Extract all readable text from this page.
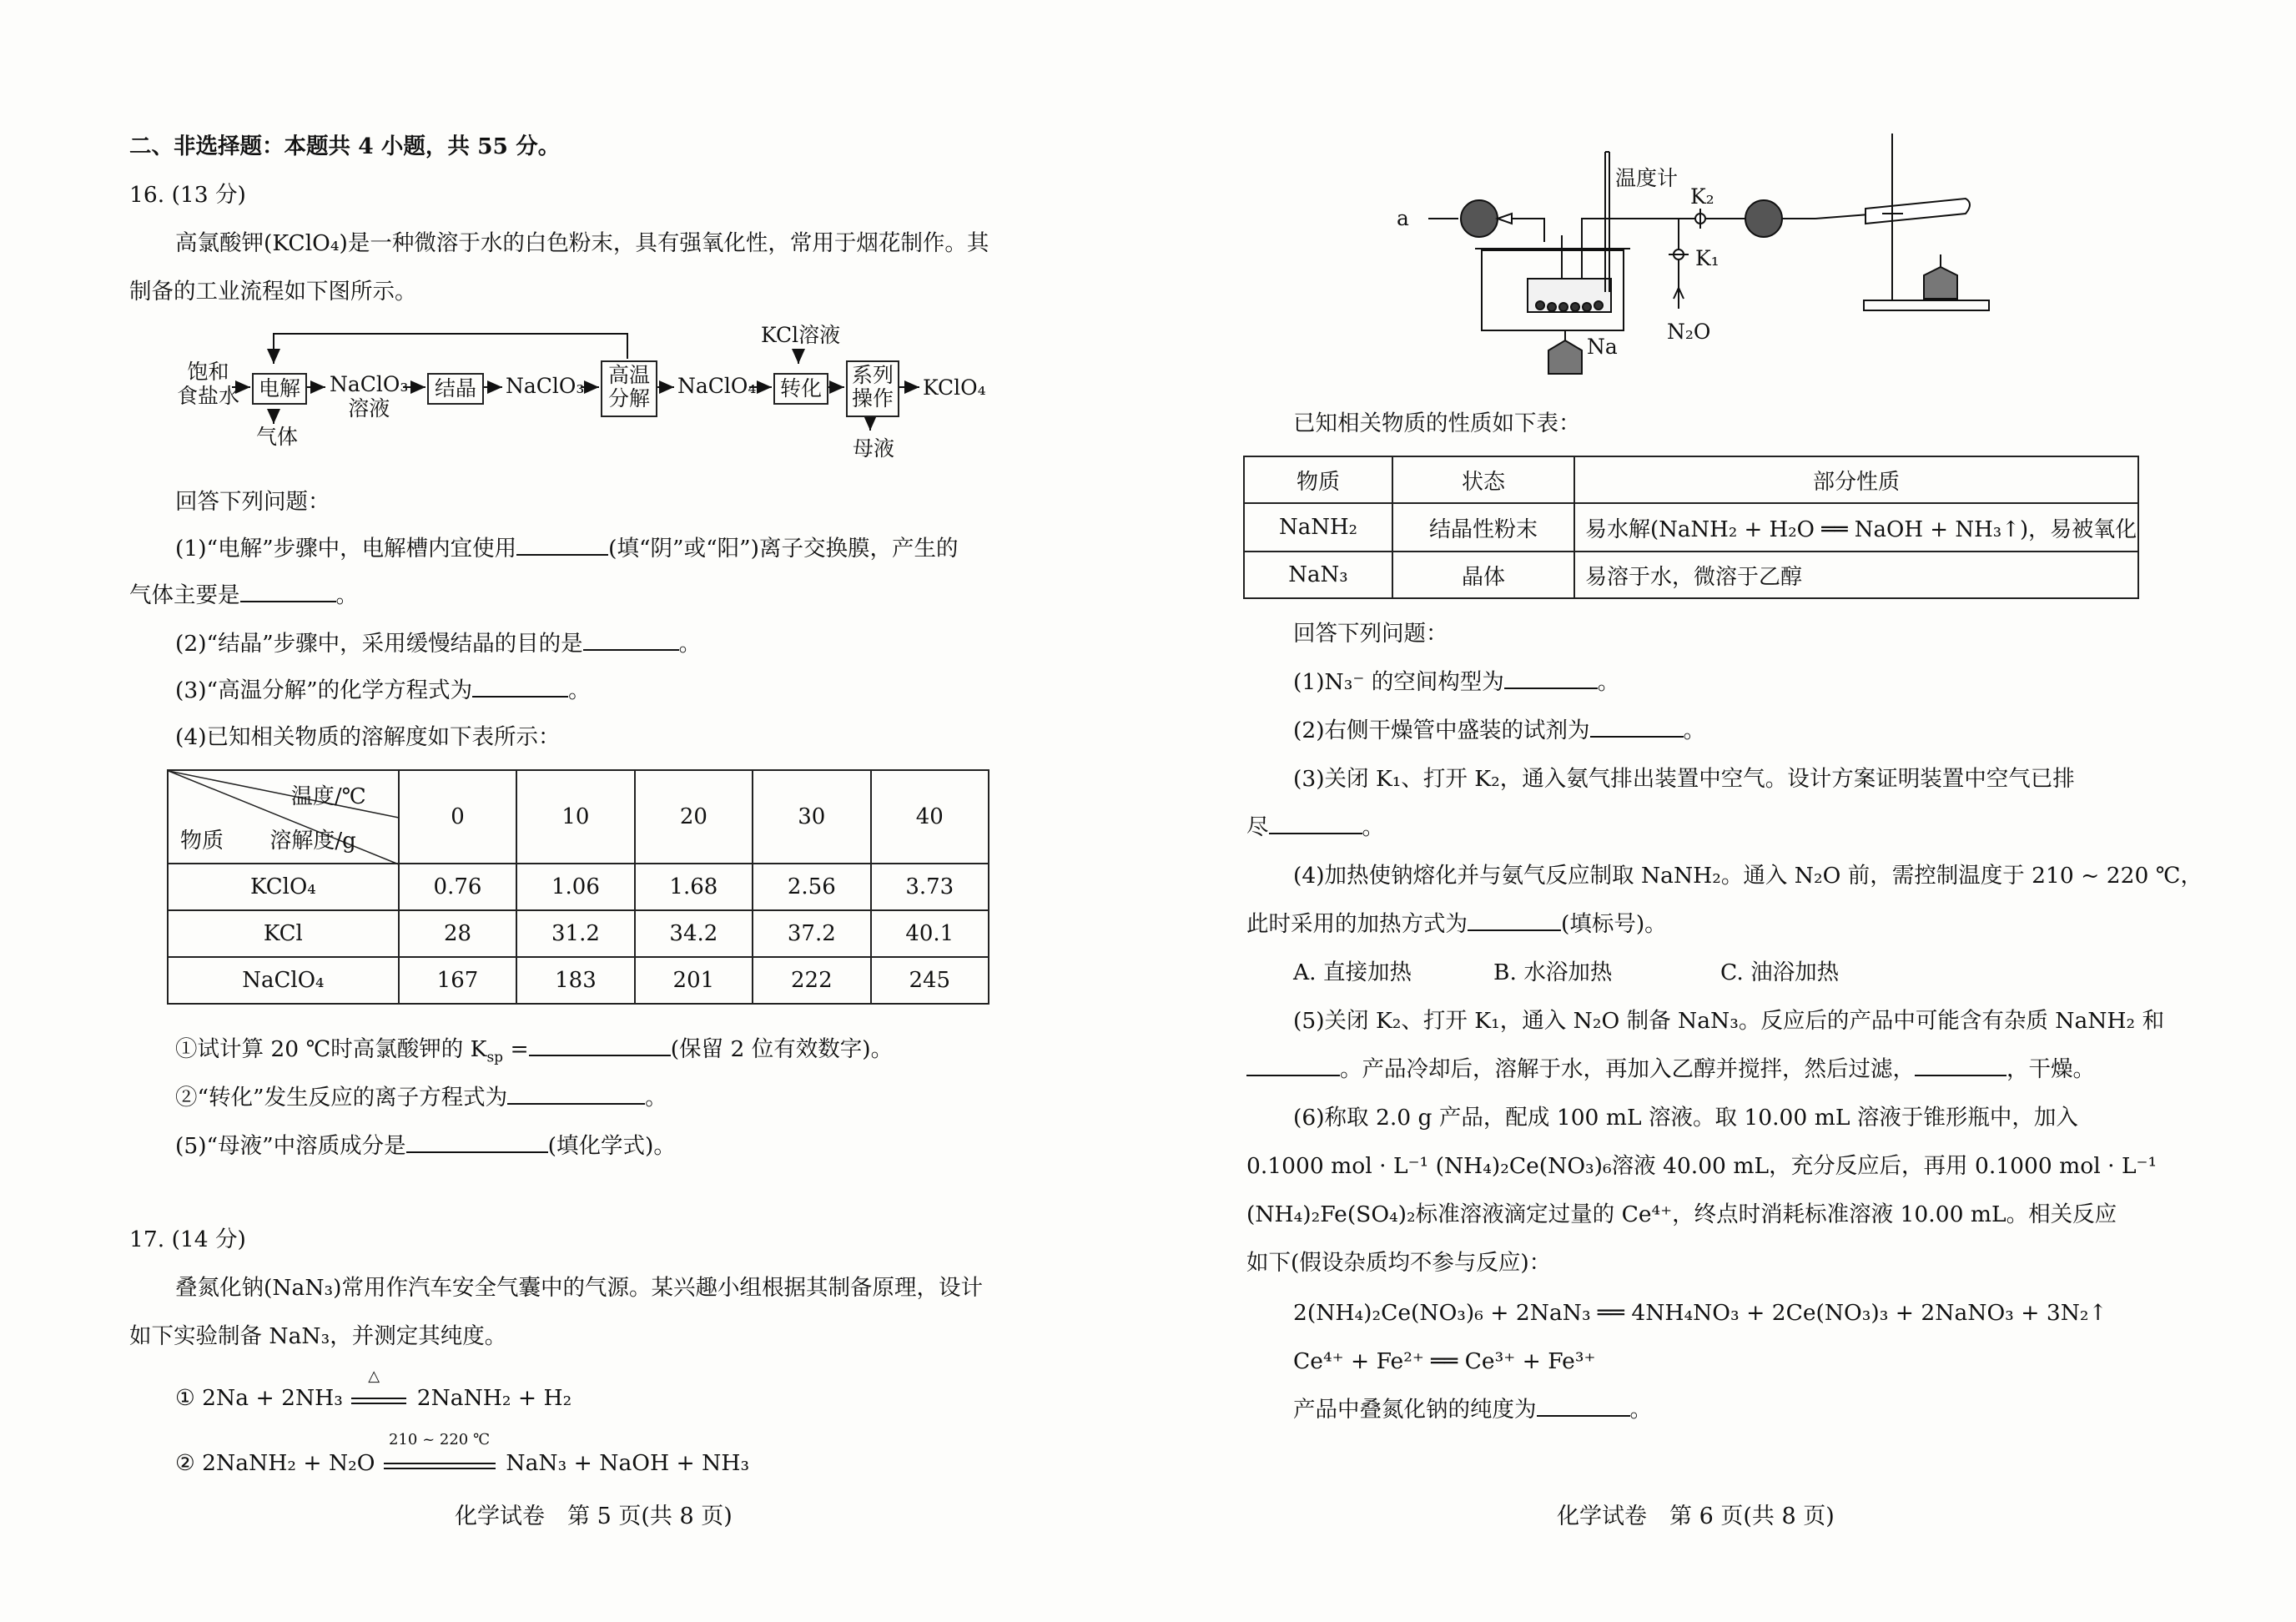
二、非选择题：本题共 4 小题，共 55 分。
16. (13 分)
高氯酸钾(KClO₄)是一种微溶于水的白色粉末，具有强氧化性，常用于烟花制作。其
制备的工业流程如下图所示。
饱和
食盐水 电解
气体
NaClO₃
溶液
结晶	NaClO₃ 高温
分解 NaClO₄
KCl溶液
转化
系列
操作 KClO₄
母液
回答下列问题：
(1)“电解”步骤中，电解槽内宜使用	(填“阴”或“阳”)离子交换膜，产生的
气体主要是	。
(2)“结晶”步骤中，采用缓慢结晶的目的是	。
(3)“高温分解”的化学方程式为	。
(4)已知相关物质的溶解度如下表所示：
温度/℃
物质 溶解度/g	0	10	20	30	40
KClO₄	0.76	1.06	1.68	2.56	3.73
KCl	28	31.2	34.2	37.2	40.1
NaClO₄	167	183	201	222	245
①试计算 20 ℃时高氯酸钾的 $K_{sp}$ =	(保留 2 位有效数字)。
②“转化”发生反应的离子方程式为	。
(5)“母液”中溶质成分是	(填化学式)。
17. (14 分)
叠氮化钠(NaN₃)常用作汽车安全气囊中的气源。某兴趣小组根据其制备原理，设计
如下实验制备 NaN₃，并测定其纯度。
① 2Na + 2NH₃
△
2NaNH₂ + H₂
② 2NaNH₂ + N₂O
210 ~ 220 ℃
NaN₃ + NaOH + NH₃
化学试卷　第 5 页(共 8 页)
a
温度计
K₂
K₁
Na
N₂O
已知相关物质的性质如下表：
物质	状态	部分性质
NaNH₂	结晶性粉末	易水解(NaNH₂ + H₂O ══ NaOH + NH₃↑)，易被氧化
NaN₃	晶体	易溶于水，微溶于乙醇
回答下列问题：
(1)N₃⁻ 的空间构型为	。
(2)右侧干燥管中盛装的试剂为	。
(3)关闭 K₁、打开 K₂，通入氨气排出装置中空气。设计方案证明装置中空气已排
尽	。
(4)加热使钠熔化并与氨气反应制取 NaNH₂。通入 N₂O 前，需控制温度于 210 ~ 220 ℃，
此时采用的加热方式为	(填标号)。
A. 直接加热	B. 水浴加热	C. 油浴加热
(5)关闭 K₂、打开 K₁，通入 N₂O 制备 NaN₃。反应后的产品中可能含有杂质 NaNH₂ 和
。产品冷却后，溶解于水，再加入乙醇并搅拌，然后过滤，	，干燥。
(6)称取 2.0 g 产品，配成 100 mL 溶液。取 10.00 mL 溶液于锥形瓶中，加入
0.1000 mol · L⁻¹ (NH₄)₂Ce(NO₃)₆溶液 40.00 mL，充分反应后，再用 0.1000 mol · L⁻¹
(NH₄)₂Fe(SO₄)₂标准溶液滴定过量的 Ce⁴⁺，终点时消耗标准溶液 10.00 mL。相关反应
如下(假设杂质均不参与反应)：
2(NH₄)₂Ce(NO₃)₆ + 2NaN₃ ══ 4NH₄NO₃ + 2Ce(NO₃)₃ + 2NaNO₃ + 3N₂↑
Ce⁴⁺ + Fe²⁺ ══ Ce³⁺ + Fe³⁺
产品中叠氮化钠的纯度为	。
化学试卷　第 6 页(共 8 页)
